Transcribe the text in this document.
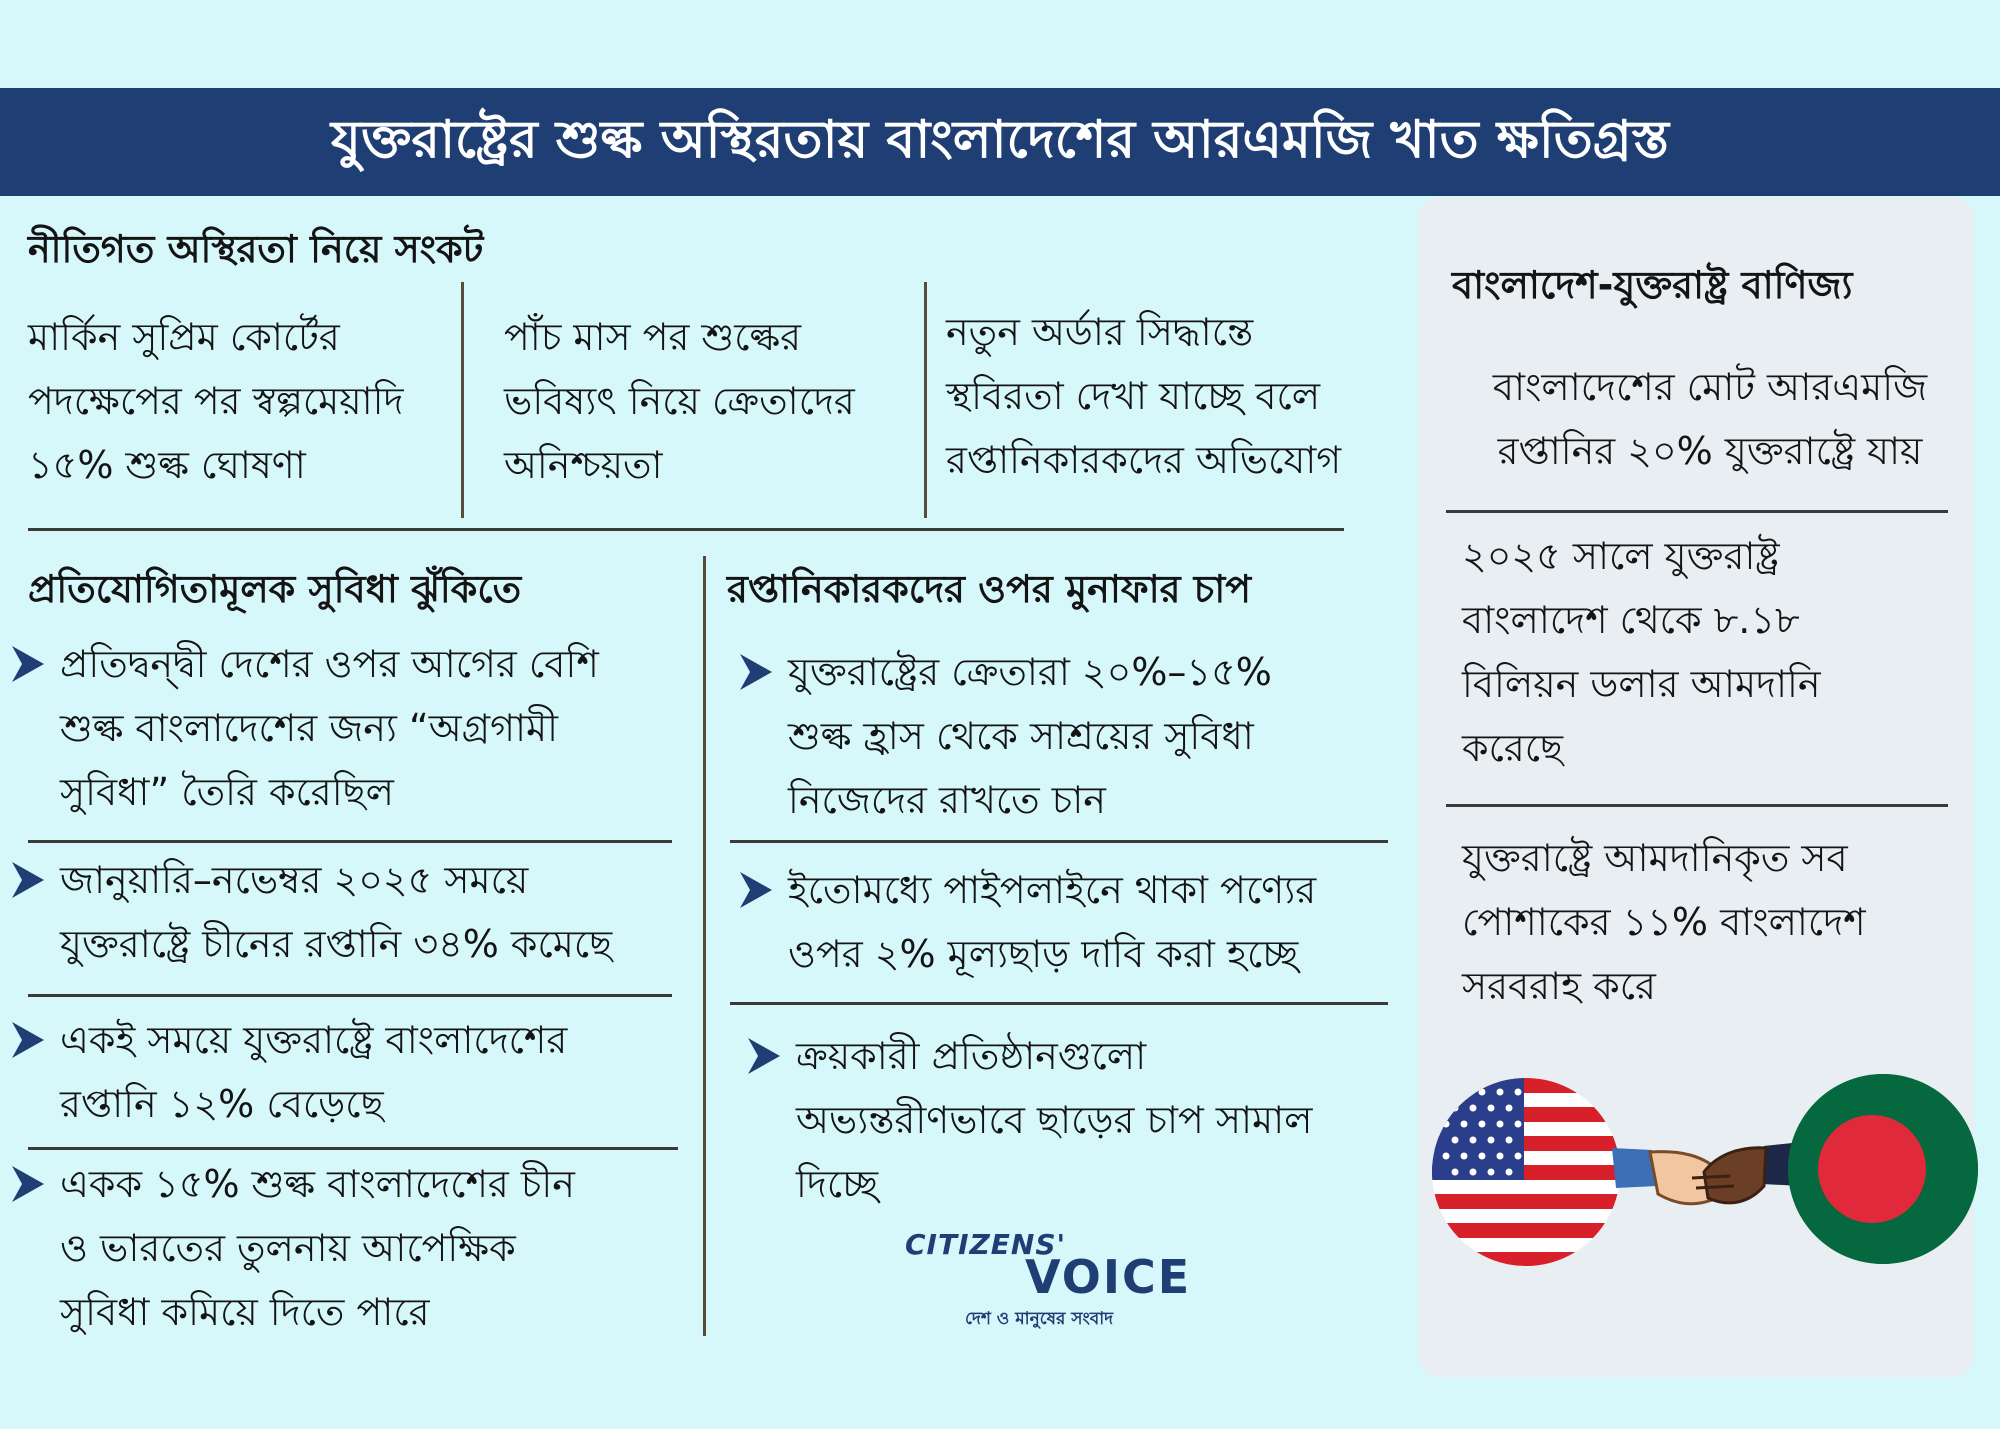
যুক্তরাষ্ট্রের শুল্ক অস্থিরতায় বাংলাদেশের আরএমজি খাত ক্ষতিগ্রস্ত
নীতিগত অস্থিরতা নিয়ে সংকট
মার্কিন সুপ্রিম কোর্টের
পদক্ষেপের পর স্বল্পমেয়াদি
১৫% শুল্ক ঘোষণা
পাঁচ মাস পর শুল্কের
ভবিষ্যৎ নিয়ে ক্রেতাদের
অনিশ্চয়তা
নতুন অর্ডার সিদ্ধান্তে
স্থবিরতা দেখা যাচ্ছে বলে
রপ্তানিকারকদের অভিযোগ
প্রতিযোগিতামূলক সুবিধা ঝুঁকিতে
প্রতিদ্বন্দ্বী দেশের ওপর আগের বেশি
শুল্ক বাংলাদেশের জন্য “অগ্রগামী
সুবিধা” তৈরি করেছিল
জানুয়ারি–নভেম্বর ২০২৫ সময়ে
যুক্তরাষ্ট্রে চীনের রপ্তানি ৩৪% কমেছে
একই সময়ে যুক্তরাষ্ট্রে বাংলাদেশের
রপ্তানি ১২% বেড়েছে
একক ১৫% শুল্ক বাংলাদেশের চীন
ও ভারতের তুলনায় আপেক্ষিক
সুবিধা কমিয়ে দিতে পারে
রপ্তানিকারকদের ওপর মুনাফার চাপ
যুক্তরাষ্ট্রের ক্রেতারা ২০%–১৫%
শুল্ক হ্রাস থেকে সাশ্রয়ের সুবিধা
নিজেদের রাখতে চান
ইতোমধ্যে পাইপলাইনে থাকা পণ্যের
ওপর ২% মূল্যছাড় দাবি করা হচ্ছে
ক্রয়কারী প্রতিষ্ঠানগুলো
অভ্যন্তরীণভাবে ছাড়ের চাপ সামাল
দিচ্ছে
CITIZENS'
VOICE
দেশ ও মানুষের সংবাদ
বাংলাদেশ-যুক্তরাষ্ট্র বাণিজ্য
বাংলাদেশের মোট আরএমজি
রপ্তানির ২০% যুক্তরাষ্ট্রে যায়
২০২৫ সালে যুক্তরাষ্ট্র
বাংলাদেশ থেকে ৮.১৮
বিলিয়ন ডলার আমদানি
করেছে
যুক্তরাষ্ট্রে আমদানিকৃত সব
পোশাকের ১১% বাংলাদেশ
সরবরাহ করে
